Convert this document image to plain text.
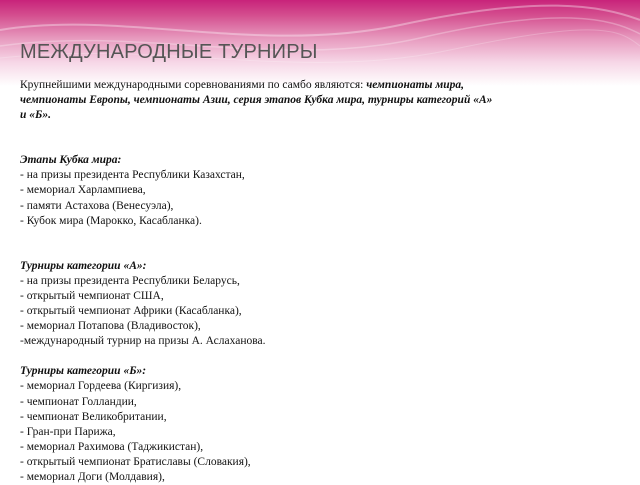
МЕЖДУНАРОДНЫЕ ТУРНИРЫ

Крупнейшими международными соревнованиями по самбо являются: чемпионаты мира,
чемпионаты Европы, чемпионаты Азии, серия этапов Кубка мира, турниры категорий «А»
и «Б».

Этапы Кубка мира:

- на призы президента Республики Казахстан,
- мемориал Харлампиева,
- памяти Астахова (Венесуэла),
- Кубок мира (Марокко, Касабланка).

Турниры категории «А»:

- на призы президента Республики Беларусь,
- открытый чемпионат США,
- открытый чемпионат Африки (Касабланка),
- мемориал Потапова (Владивосток),
-международный турнир на призы А. Аслаханова.

Турниры категории «Б»:

- мемориал Гордеева (Киргизия),
- чемпионат Голландии,
- чемпионат Великобритании,
- Гран-при Парижа,
- мемориал Рахимова (Таджикистан),
- открытый чемпионат Братиславы (Словакия),
- мемориал Доги (Молдавия),
